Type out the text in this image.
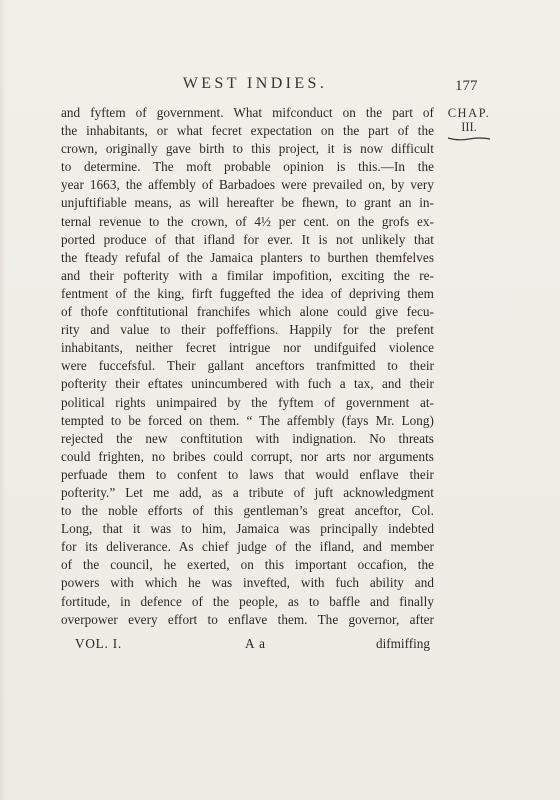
WEST INDIES.	177
CHAP.
III.
and fyftem of government. What mifconduct on the part of
the inhabitants, or what fecret expectation on the part of the
crown, originally gave birth to this project, it is now difficult
to determine. The moft probable opinion is this.—In the
year 1663, the affembly of Barbadoes were prevailed on, by very
unjuftifiable means, as will hereafter be fhewn, to grant an in-
ternal revenue to the crown, of 4½ per cent. on the grofs ex-
ported produce of that ifland for ever. It is not unlikely that
the fteady refufal of the Jamaica planters to burthen themfelves
and their pofterity with a fimilar impofition, exciting the re-
fentment of the king, firft fuggefted the idea of depriving them
of thofe conftitutional franchifes which alone could give fecu-
rity and value to their poffeffions. Happily for the prefent
inhabitants, neither fecret intrigue nor undifguifed violence
were fuccefsful. Their gallant anceftors tranfmitted to their
pofterity their eftates unincumbered with fuch a tax, and their
political rights unimpaired by the fyftem of government at-
tempted to be forced on them. “ The affembly (fays Mr. Long)
rejected the new conftitution with indignation. No threats
could frighten, no bribes could corrupt, nor arts nor arguments
perfuade them to confent to laws that would enflave their
pofterity.” Let me add, as a tribute of juft acknowledgment
to the noble efforts of this gentleman’s great anceftor, Col.
Long, that it was to him, Jamaica was principally indebted
for its deliverance. As chief judge of the ifland, and member
of the council, he exerted, on this important occafion, the
powers with which he was invefted, with fuch ability and
fortitude, in defence of the people, as to baffle and finally
overpower every effort to enflave them. The governor, after
VOL. I.	A a	difmiffing
